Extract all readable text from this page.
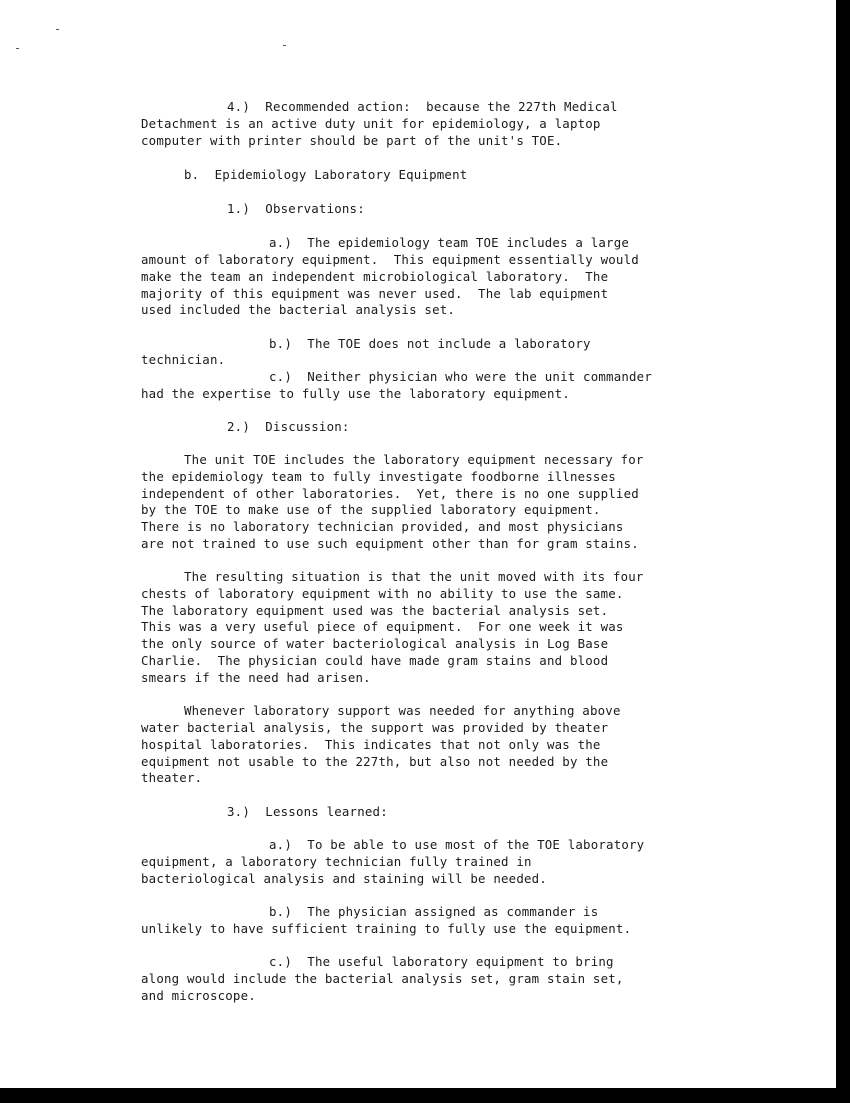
4.)  Recommended action:  because the 227th Medical
Detachment is an active duty unit for epidemiology, a laptop
computer with printer should be part of the unit's TOE.
b.  Epidemiology Laboratory Equipment
1.)  Observations:
a.)  The epidemiology team TOE includes a large
amount of laboratory equipment.  This equipment essentially would
make the team an independent microbiological laboratory.  The
majority of this equipment was never used.  The lab equipment
used included the bacterial analysis set.
b.)  The TOE does not include a laboratory
technician.
c.)  Neither physician who were the unit commander
had the expertise to fully use the laboratory equipment.
2.)  Discussion:
The unit TOE includes the laboratory equipment necessary for
the epidemiology team to fully investigate foodborne illnesses
independent of other laboratories.  Yet, there is no one supplied
by the TOE to make use of the supplied laboratory equipment.
There is no laboratory technician provided, and most physicians
are not trained to use such equipment other than for gram stains.
The resulting situation is that the unit moved with its four
chests of laboratory equipment with no ability to use the same.
The laboratory equipment used was the bacterial analysis set.
This was a very useful piece of equipment.  For one week it was
the only source of water bacteriological analysis in Log Base
Charlie.  The physician could have made gram stains and blood
smears if the need had arisen.
Whenever laboratory support was needed for anything above
water bacterial analysis, the support was provided by theater
hospital laboratories.  This indicates that not only was the
equipment not usable to the 227th, but also not needed by the
theater.
3.)  Lessons learned:
a.)  To be able to use most of the TOE laboratory
equipment, a laboratory technician fully trained in
bacteriological analysis and staining will be needed.
b.)  The physician assigned as commander is
unlikely to have sufficient training to fully use the equipment.
c.)  The useful laboratory equipment to bring
along would include the bacterial analysis set, gram stain set,
and microscope.
